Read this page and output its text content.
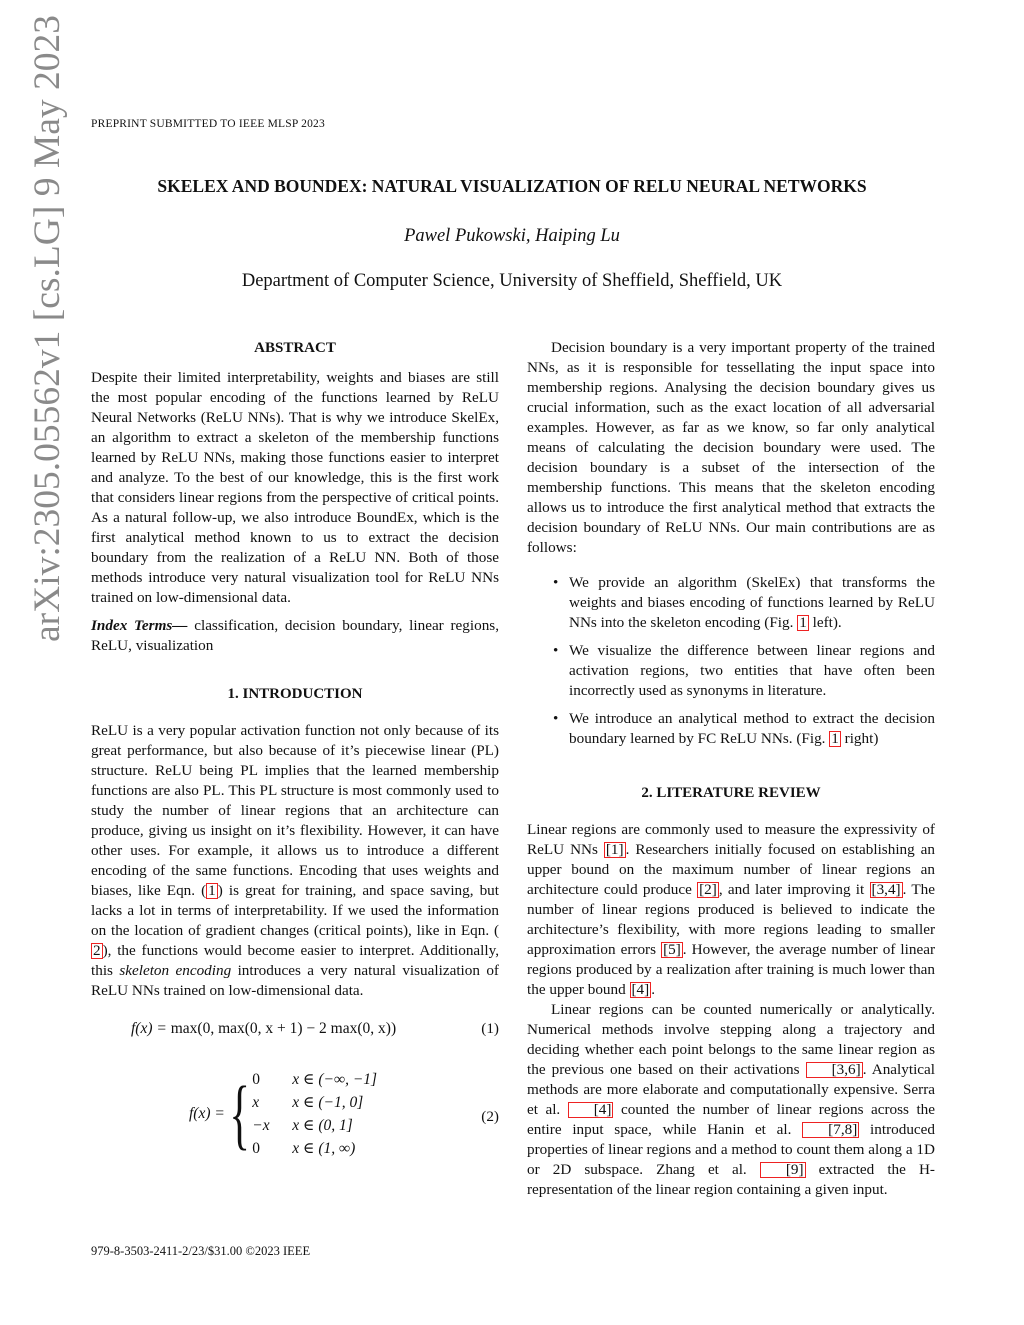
PREPRINT SUBMITTED TO IEEE MLSP 2023
arXiv:2305.05562v1 [cs.LG] 9 May 2023	SKELEX AND BOUNDEX: NATURAL VISUALIZATION OF RELU NEURAL NETWORKS
Pawel Pukowski, Haiping Lu
Department of Computer Science, University of Sheffield, Sheffield, UK

ABSTRACT

Despite their limited interpretability, weights and biases are still the most popular encoding of the functions learned by ReLU Neural Networks (ReLU NNs). That is why we introduce SkelEx, an algorithm to extract a skeleton of the membership functions learned by ReLU NNs, making those functions easier to interpret and analyze. To the best of our knowledge, this is the first work that considers linear regions from the perspective of critical points. As a natural follow-up, we also introduce BoundEx, which is the first analytical method known to us to extract the decision boundary from the realization of a ReLU NN. Both of those methods introduce very natural visualization tool for ReLU NNs trained on low-dimensional data.

Index Terms— classification, decision boundary, linear regions, ReLU, visualization

1. INTRODUCTION

ReLU is a very popular activation function not only because of its great performance, but also because of it’s piecewise linear (PL) structure. ReLU being PL implies that the learned membership functions are also PL. This PL structure is most commonly used to study the number of linear regions that an architecture can produce, giving us insight on it’s flexibility. However, it can have other uses. For example, it allows us to introduce a different encoding of the same functions. Encoding that uses weights and biases, like Eqn. ( 1 ) is great for training, and space saving, but lacks a lot in terms of interpretability. If we used the information on the location of gradient changes (critical points), like in Eqn. (2 ), the functions would become easier to interpret. Additionally, this skeleton encoding introduces a very natural visualization of ReLU NNs trained on low-dimensional data.

f(x) = max(0, max(0, x + 1) − 2 max(0, x))	(1)
f(x) = { 0	x ∈ (−∞, −1]
x	x ∈ (−1, 0]
−x	x ∈ (0, 1]
0	x ∈ (1, ∞)
(2)

Decision boundary is a very important property of the trained NNs, as it is responsible for tessellating the input space into membership regions. Analysing the decision boundary gives us crucial information, such as the exact location of all adversarial examples. However, as far as we know, so far only analytical means of calculating the decision boundary were used. The decision boundary is a subset of the intersection of the membership functions. This means that the skeleton encoding allows us to introduce the first analytical method that extracts the decision boundary of ReLU NNs. Our main contributions are as follows:

• We provide an algorithm (SkelEx) that transforms the weights and biases encoding of functions learned by ReLU NNs into the skeleton encoding (Fig. 1 left).
• We visualize the difference between linear regions and activation regions, two entities that have often been incorrectly used as synonyms in literature.
• We introduce an analytical method to extract the decision boundary learned by FC ReLU NNs. (Fig. 1 right)

2. LITERATURE REVIEW

Linear regions are commonly used to measure the expressivity of ReLU NNs [1] . Researchers initially focused on establishing an upper bound on the maximum number of linear regions an architecture could produce [2] , and later improving it [3,4] . The number of linear regions produced is believed to indicate the architecture’s flexibility, with more regions leading to smaller approximation errors [5] . However, the average number of linear regions produced by a realization after training is much lower than the upper bound [4] .

Linear regions can be counted numerically or analytically. Numerical methods involve stepping along a trajectory and deciding whether each point belongs to the same linear region as the previous one based on their activations [3,6] . Analytical methods are more elaborate and computationally expensive. Serra et al. [4] counted the number of linear regions across the entire input space, while Hanin et al. [7,8] introduced properties of linear regions and a method to count them along a 1D or 2D subspace. Zhang et al. [9] extracted the H-representation of the linear region containing a given input.

979-8-3503-2411-2/23/$31.00 ©2023 IEEE
